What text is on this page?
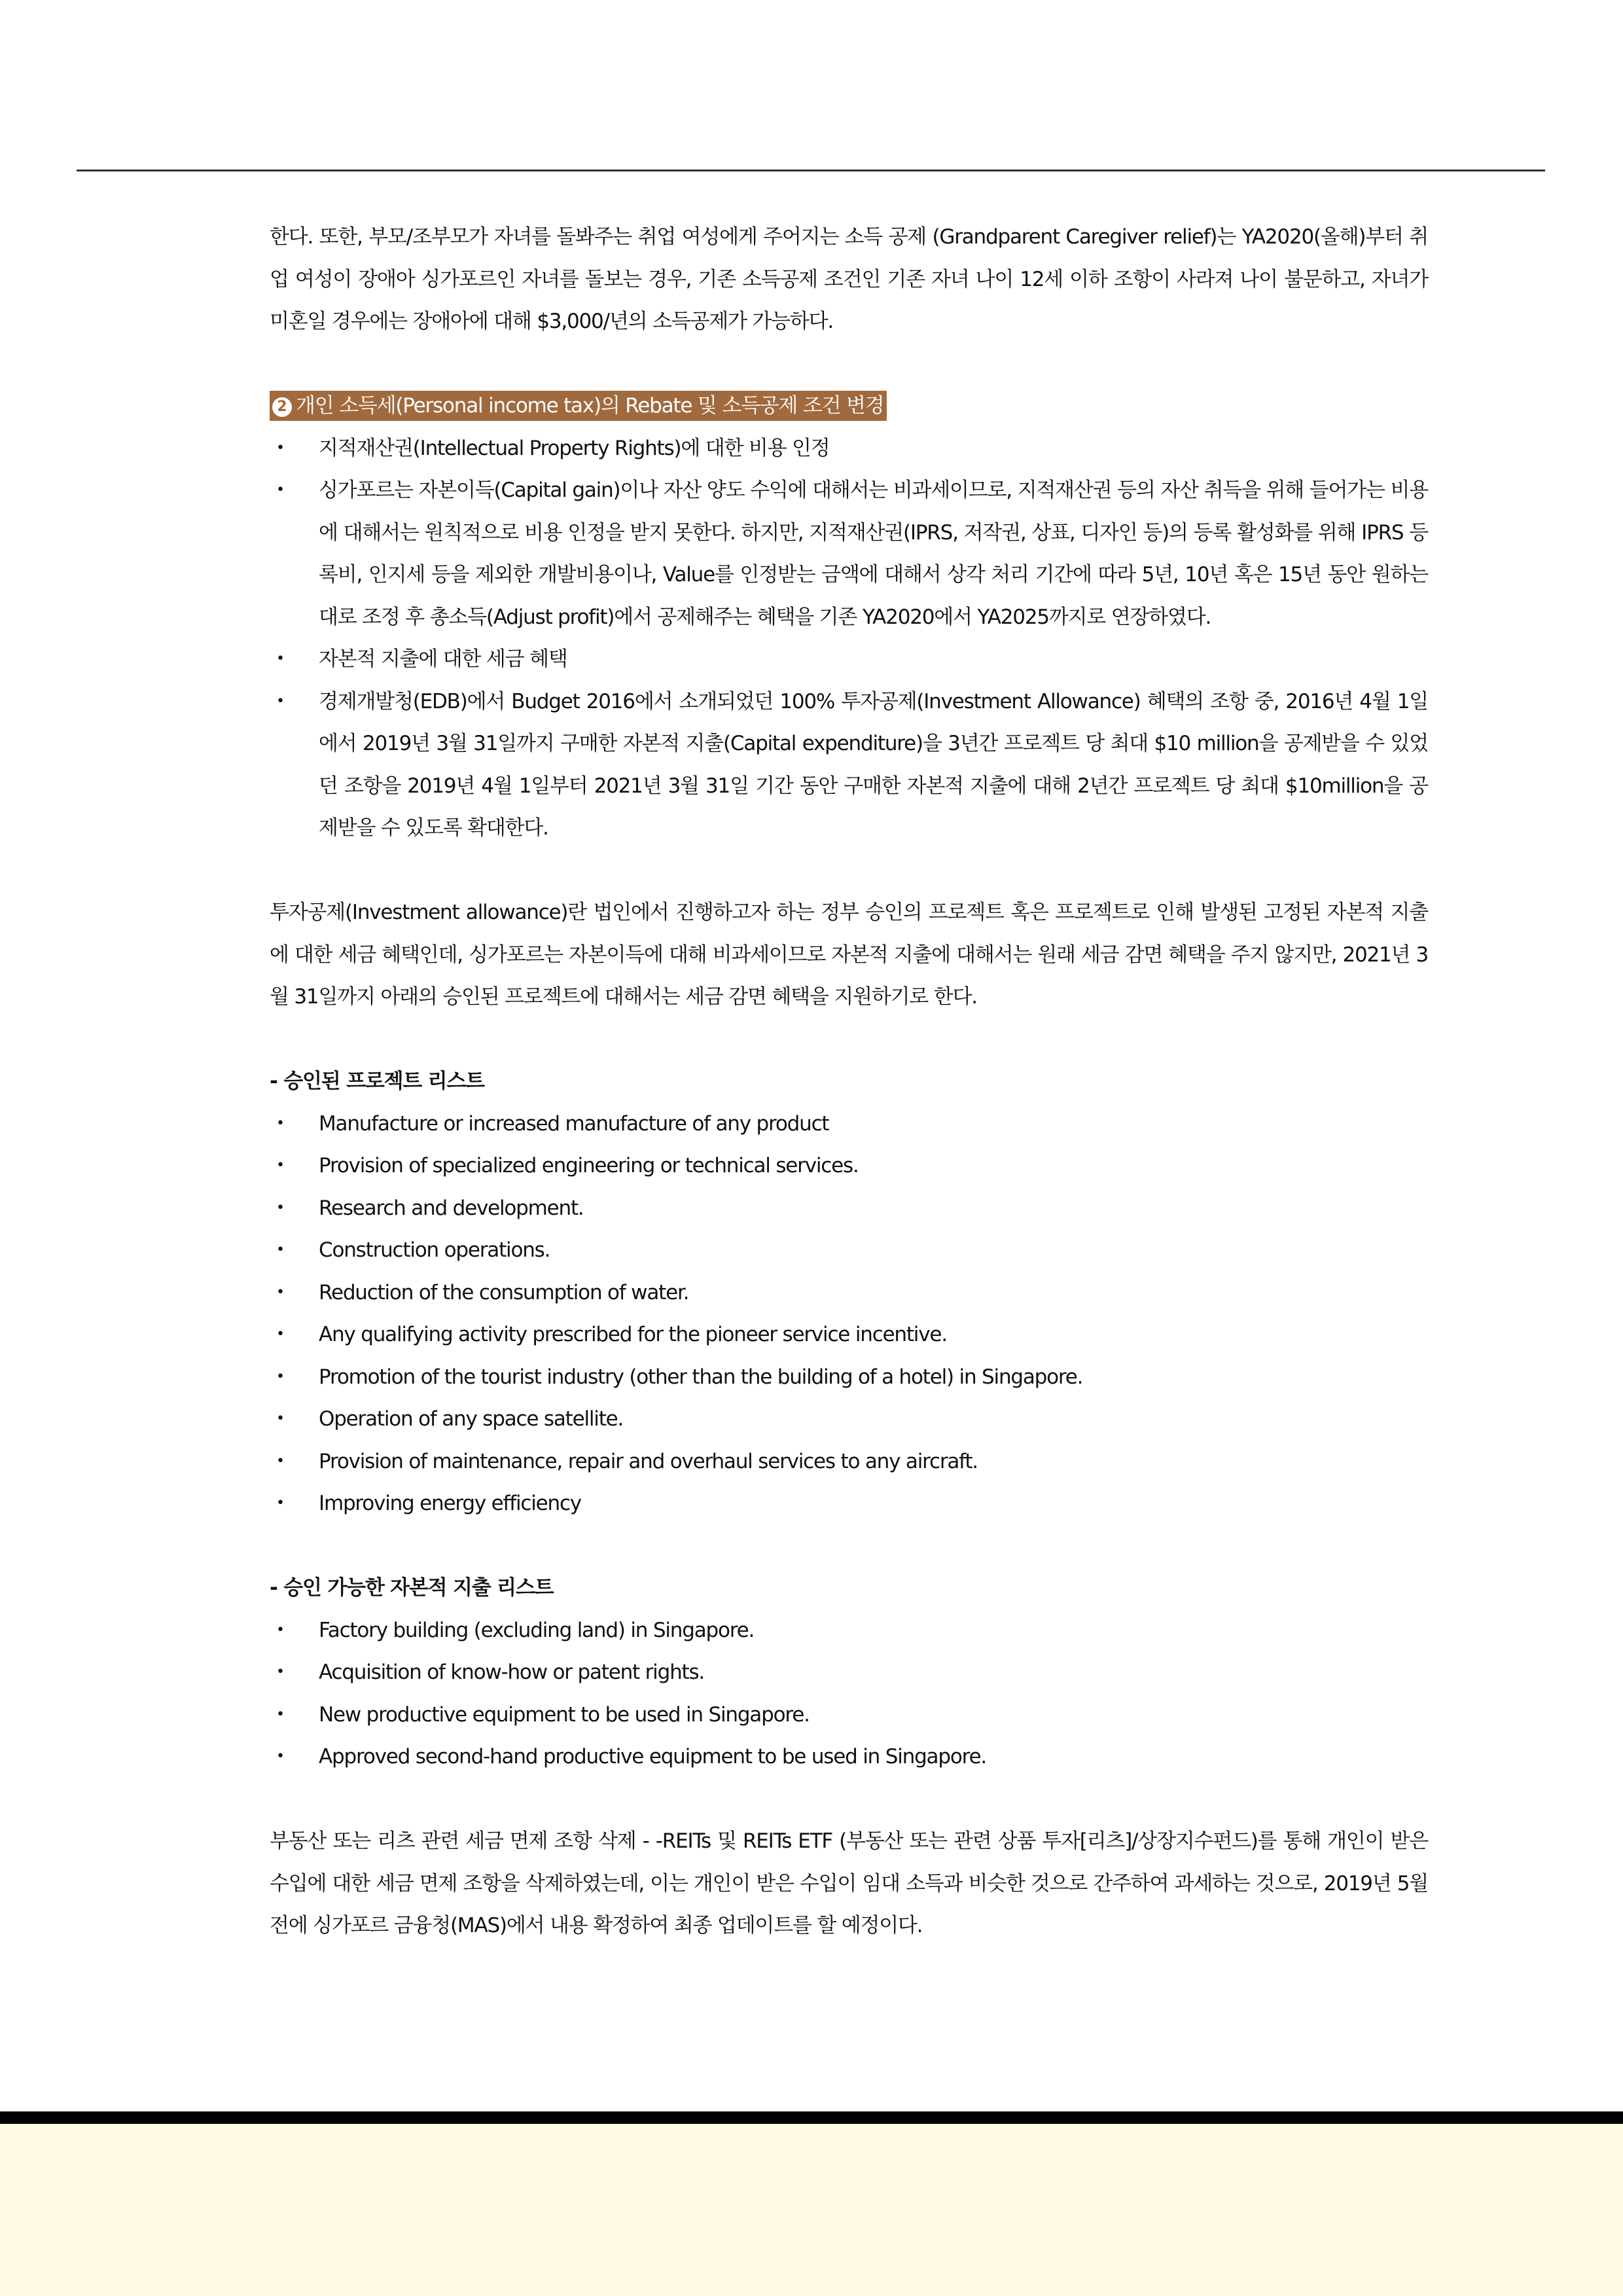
한다. 또한, 부모/조부모가 자녀를 돌봐주는 취업 여성에게 주어지는 소득 공제 (Grandparent Caregiver relief)는 YA2020(올해)부터 취업 여성이 장애아 싱가포르인 자녀를 돌보는 경우, 기존 소득공제 조건인 기존 자녀 나이 12세 이하 조항이 사라져 나이 불문하고, 자녀가 미혼일 경우에는 장애아에 대해 $3,000/년의 소득공제가 가능하다.

2 개인 소득세(Personal income tax)의 Rebate 및 소득공제 조건 변경
• 지적재산권(Intellectual Property Rights)에 대한 비용 인정
• 싱가포르는 자본이득(Capital gain)이나 자산 양도 수익에 대해서는 비과세이므로, 지적재산권 등의 자산 취득을 위해 들어가는 비용에 대해서는 원칙적으로 비용 인정을 받지 못한다. 하지만, 지적재산권(IPRS, 저작권, 상표, 디자인 등)의 등록 활성화를 위해 IPRS 등록비, 인지세 등을 제외한 개발비용이나, Value를 인정받는 금액에 대해서 상각 처리 기간에 따라 5년, 10년 혹은 15년 동안 원하는 대로 조정 후 총소득(Adjust profit)에서 공제해주는 혜택을 기존 YA2020에서 YA2025까지로 연장하였다.
• 자본적 지출에 대한 세금 혜택
• 경제개발청(EDB)에서 Budget 2016에서 소개되었던 100% 투자공제(Investment Allowance) 혜택의 조항 중, 2016년 4월 1일에서 2019년 3월 31일까지 구매한 자본적 지출(Capital expenditure)을 3년간 프로젝트 당 최대 $10 million을 공제받을 수 있었던 조항을 2019년 4월 1일부터 2021년 3월 31일 기간 동안 구매한 자본적 지출에 대해 2년간 프로젝트 당 최대 $10million을 공제받을 수 있도록 확대한다.

투자공제(Investment allowance)란 법인에서 진행하고자 하는 정부 승인의 프로젝트 혹은 프로젝트로 인해 발생된 고정된 자본적 지출에 대한 세금 혜택인데, 싱가포르는 자본이득에 대해 비과세이므로 자본적 지출에 대해서는 원래 세금 감면 혜택을 주지 않지만, 2021년 3월 31일까지 아래의 승인된 프로젝트에 대해서는 세금 감면 혜택을 지원하기로 한다.

- 승인된 프로젝트 리스트

• Manufacture or increased manufacture of any product
• Provision of specialized engineering or technical services.
• Research and development.
• Construction operations.
• Reduction of the consumption of water.
• Any qualifying activity prescribed for the pioneer service incentive.
• Promotion of the tourist industry (other than the building of a hotel) in Singapore.
• Operation of any space satellite.
• Provision of maintenance, repair and overhaul services to any aircraft.
• Improving energy efficiency

- 승인 가능한 자본적 지출 리스트

• Factory building (excluding land) in Singapore.
• Acquisition of know-how or patent rights.
• New productive equipment to be used in Singapore.
• Approved second-hand productive equipment to be used in Singapore.

부동산 또는 리츠 관련 세금 면제 조항 삭제 - -REITs 및 REITs ETF (부동산 또는 관련 상품 투자[리츠]/상장지수펀드)를 통해 개인이 받은 수입에 대한 세금 면제 조항을 삭제하였는데, 이는 개인이 받은 수입이 임대 소득과 비슷한 것으로 간주하여 과세하는 것으로, 2019년 5월 전에 싱가포르 금융청(MAS)에서 내용 확정하여 최종 업데이트를 할 예정이다.
